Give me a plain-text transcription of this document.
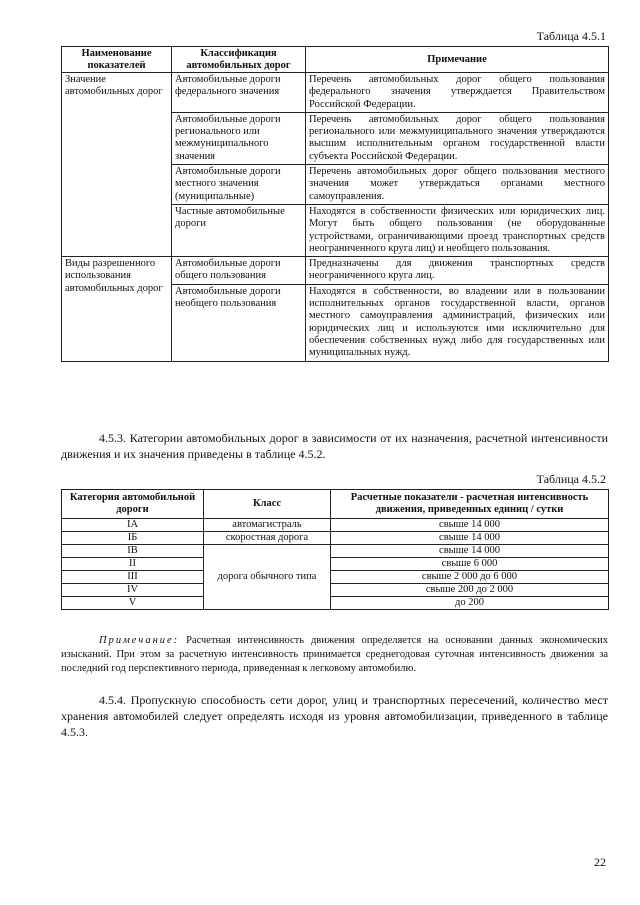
Таблица 4.5.1
Наименование показателей	Классификация автомобильных дорог	Примечание
Значение автомобильных дорог	Автомобильные дороги федерального значения	Перечень автомобильных дорог общего пользования федерального значения утверждается Правительством Российской Федерации.
	Автомобильные дороги регионального или межмуниципального значения	Перечень автомобильных дорог общего пользования регионального или межмуниципального значения утверждаются высшим исполнительным органом государственной власти субъекта Российской Федерации.
	Автомобильные дороги местного значения (муниципальные)	Перечень автомобильных дорог общего пользования местного значения может утверждаться органами местного самоуправления.
	Частные автомобильные дороги	Находятся в собственности физических или юридических лиц. Могут быть общего пользования (не оборудованные устройствами, ограничивающими проезд транспортных средств неограниченного круга лиц) и необщего пользования.
Виды разрешенного использования автомобильных дорог	Автомобильные дороги общего пользования	Предназначены для движения транспортных средств неограниченного круга лиц.
	Автомобильные дороги необщего пользования	Находятся в собственности, во владении или в пользовании исполнительных органов государственной власти, органов местного самоуправления администраций, физических или юридических лиц и используются ими исключительно для обеспечения собственных нужд либо для государственных или муниципальных нужд.
4.5.3. Категории автомобильных дорог в зависимости от их назначения, расчетной интенсивности движения и их значения приведены в таблице 4.5.2.
Таблица 4.5.2
Категория автомобильной дороги	Класс	Расчетные показатели - расчетная интенсивность движения, приведенных единиц / сутки
IA	автомагистраль	свыше 14 000
IБ	скоростная дорога	свыше 14 000
IB	дорога обычного типа	свыше 14 000
II		свыше 6 000
III		свыше 2 000 до 6 000
IV		свыше 200 до 2 000
V		до 200
Примечание: Расчетная интенсивность движения определяется на основании данных экономических изысканий. При этом за расчетную интенсивность принимается среднегодовая суточная интенсивность движения за последний год перспективного периода, приведенная к легковому автомобилю.
4.5.4. Пропускную способность сети дорог, улиц и транспортных пересечений, количество мест хранения автомобилей следует определять исходя из уровня автомобилизации, приведенного в таблице 4.5.3.
22
